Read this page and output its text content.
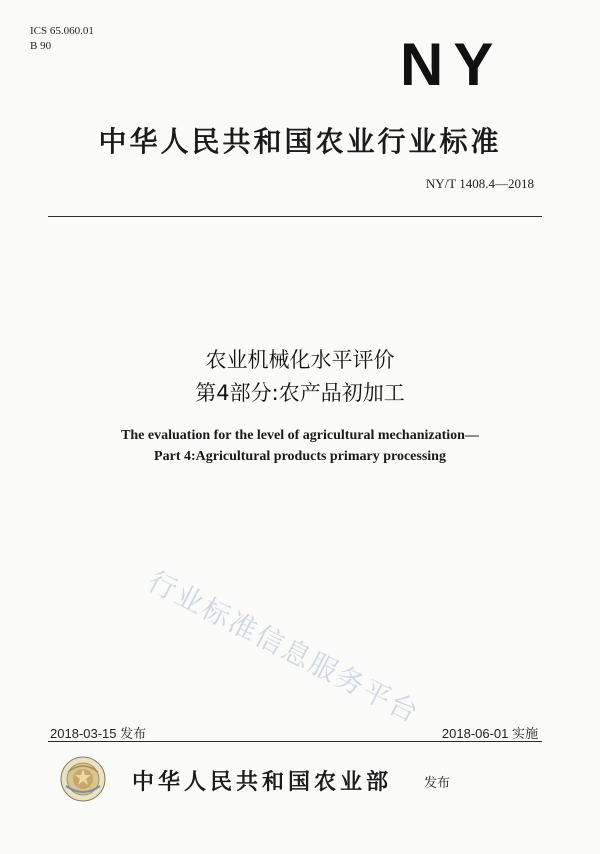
ICS 65.060.01
B 90	NY
中华人民共和国农业行业标准
NY/T 1408.4—2018
农业机械化水平评价
第4部分:农产品初加工
The evaluation for the level of agricultural mechanization—
Part 4:Agricultural products primary processing
行业标准信息服务平台
2018-03-15 发布	2018-06-01 实施
中华人民共和国农业部 发布
